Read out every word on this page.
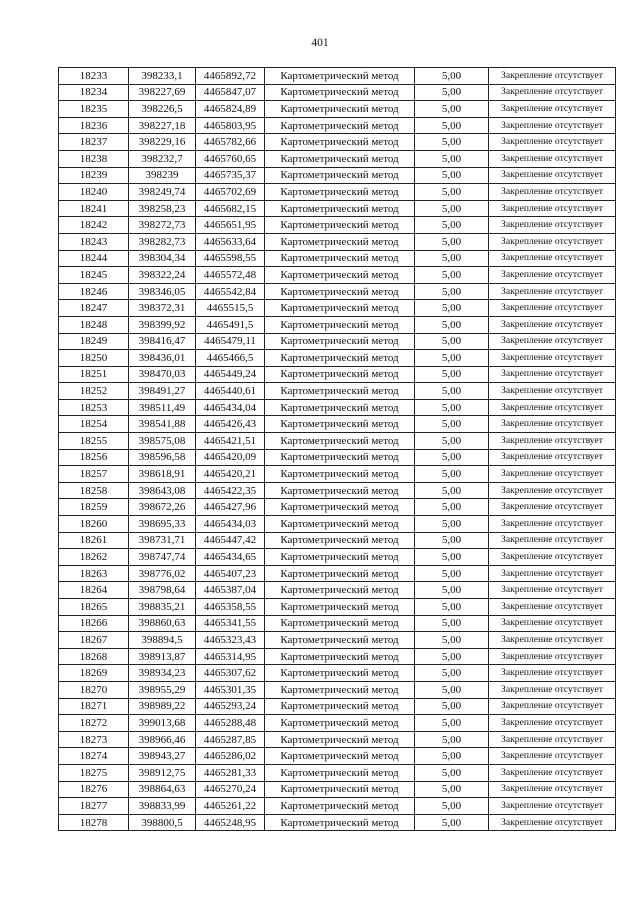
401
18233	398233,1	4465892,72	Картометрический метод	5,00	Закрепление отсутствует
18234	398227,69	4465847,07	Картометрический метод	5,00	Закрепление отсутствует
18235	398226,5	4465824,89	Картометрический метод	5,00	Закрепление отсутствует
18236	398227,18	4465803,95	Картометрический метод	5,00	Закрепление отсутствует
18237	398229,16	4465782,66	Картометрический метод	5,00	Закрепление отсутствует
18238	398232,7	4465760,65	Картометрический метод	5,00	Закрепление отсутствует
18239	398239	4465735,37	Картометрический метод	5,00	Закрепление отсутствует
18240	398249,74	4465702,69	Картометрический метод	5,00	Закрепление отсутствует
18241	398258,23	4465682,15	Картометрический метод	5,00	Закрепление отсутствует
18242	398272,73	4465651,95	Картометрический метод	5,00	Закрепление отсутствует
18243	398282,73	4465633,64	Картометрический метод	5,00	Закрепление отсутствует
18244	398304,34	4465598,55	Картометрический метод	5,00	Закрепление отсутствует
18245	398322,24	4465572,48	Картометрический метод	5,00	Закрепление отсутствует
18246	398346,05	4465542,84	Картометрический метод	5,00	Закрепление отсутствует
18247	398372,31	4465515,5	Картометрический метод	5,00	Закрепление отсутствует
18248	398399,92	4465491,5	Картометрический метод	5,00	Закрепление отсутствует
18249	398416,47	4465479,11	Картометрический метод	5,00	Закрепление отсутствует
18250	398436,01	4465466,5	Картометрический метод	5,00	Закрепление отсутствует
18251	398470,03	4465449,24	Картометрический метод	5,00	Закрепление отсутствует
18252	398491,27	4465440,61	Картометрический метод	5,00	Закрепление отсутствует
18253	398511,49	4465434,04	Картометрический метод	5,00	Закрепление отсутствует
18254	398541,88	4465426,43	Картометрический метод	5,00	Закрепление отсутствует
18255	398575,08	4465421,51	Картометрический метод	5,00	Закрепление отсутствует
18256	398596,58	4465420,09	Картометрический метод	5,00	Закрепление отсутствует
18257	398618,91	4465420,21	Картометрический метод	5,00	Закрепление отсутствует
18258	398643,08	4465422,35	Картометрический метод	5,00	Закрепление отсутствует
18259	398672,26	4465427,96	Картометрический метод	5,00	Закрепление отсутствует
18260	398695,33	4465434,03	Картометрический метод	5,00	Закрепление отсутствует
18261	398731,71	4465447,42	Картометрический метод	5,00	Закрепление отсутствует
18262	398747,74	4465434,65	Картометрический метод	5,00	Закрепление отсутствует
18263	398776,02	4465407,23	Картометрический метод	5,00	Закрепление отсутствует
18264	398798,64	4465387,04	Картометрический метод	5,00	Закрепление отсутствует
18265	398835,21	4465358,55	Картометрический метод	5,00	Закрепление отсутствует
18266	398860,63	4465341,55	Картометрический метод	5,00	Закрепление отсутствует
18267	398894,5	4465323,43	Картометрический метод	5,00	Закрепление отсутствует
18268	398913,87	4465314,95	Картометрический метод	5,00	Закрепление отсутствует
18269	398934,23	4465307,62	Картометрический метод	5,00	Закрепление отсутствует
18270	398955,29	4465301,35	Картометрический метод	5,00	Закрепление отсутствует
18271	398989,22	4465293,24	Картометрический метод	5,00	Закрепление отсутствует
18272	399013,68	4465288,48	Картометрический метод	5,00	Закрепление отсутствует
18273	398966,46	4465287,85	Картометрический метод	5,00	Закрепление отсутствует
18274	398943,27	4465286,02	Картометрический метод	5,00	Закрепление отсутствует
18275	398912,75	4465281,33	Картометрический метод	5,00	Закрепление отсутствует
18276	398864,63	4465270,24	Картометрический метод	5,00	Закрепление отсутствует
18277	398833,99	4465261,22	Картометрический метод	5,00	Закрепление отсутствует
18278	398800,5	4465248,95	Картометрический метод	5,00	Закрепление отсутствует
